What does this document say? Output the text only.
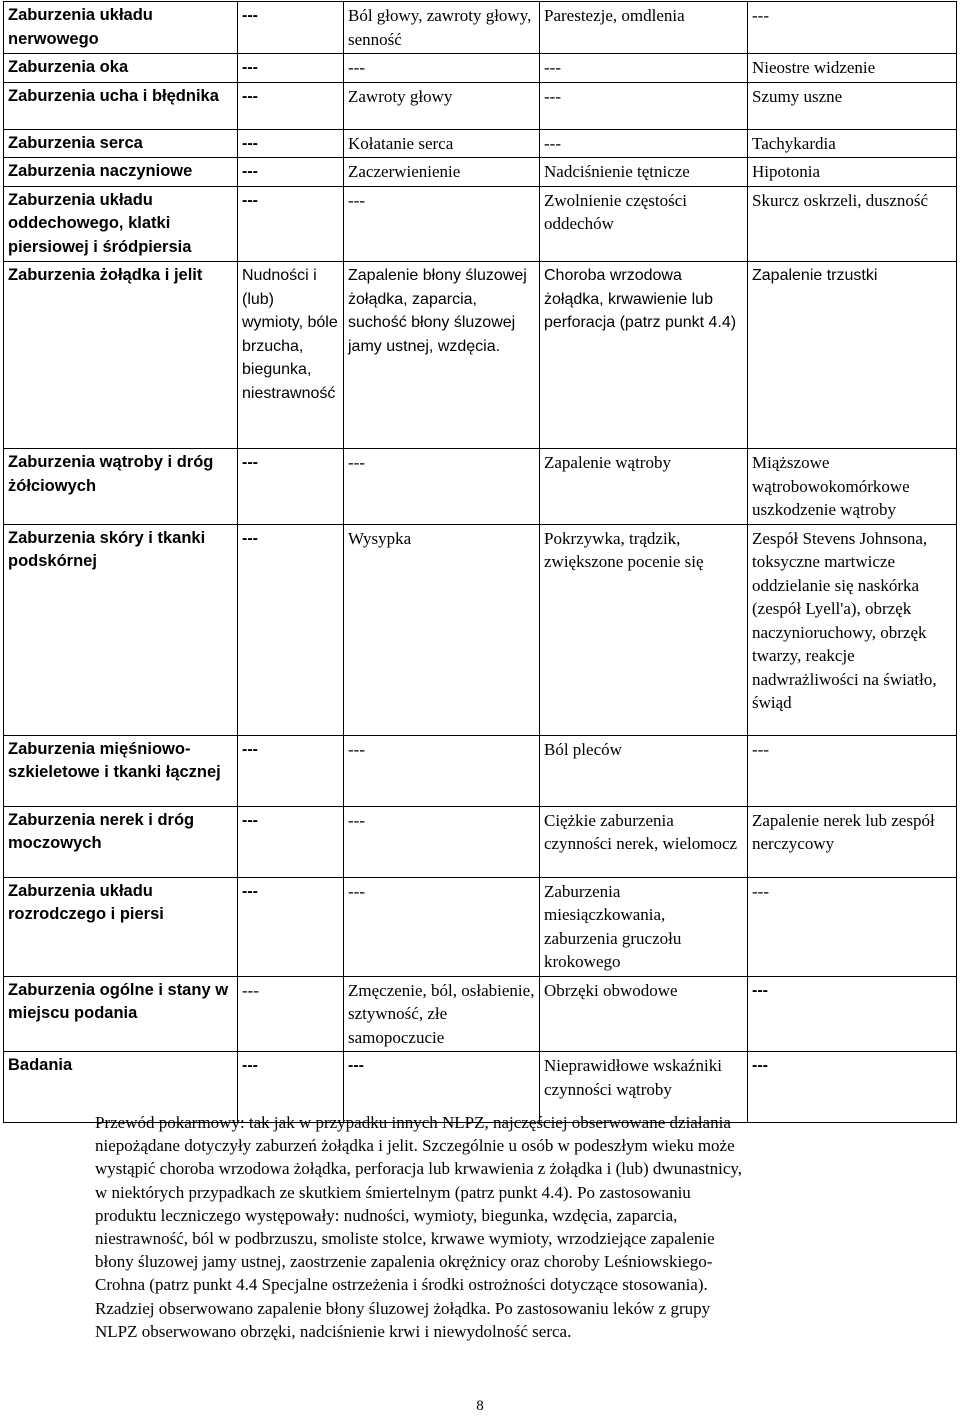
Zaburzenia układu nerwowego	---	Ból głowy, zawroty głowy, senność	Parestezje, omdlenia	---
Zaburzenia oka	---	---	---	Nieostre widzenie
Zaburzenia ucha i błędnika	---	Zawroty głowy	---	Szumy uszne
Zaburzenia serca	---	Kołatanie serca	---	Tachykardia
Zaburzenia naczyniowe	---	Zaczerwienienie	Nadciśnienie tętnicze	Hipotonia
Zaburzenia układu oddechowego, klatki piersiowej i śródpiersia	---	---	Zwolnienie częstości oddechów	Skurcz oskrzeli, duszność
Zaburzenia żołądka i jelit	Nudności i (lub) wymioty, bóle brzucha, biegunka, niestrawność	Zapalenie błony śluzowej żołądka, zaparcia, suchość błony śluzowej jamy ustnej, wzdęcia.	Choroba wrzodowa żołądka, krwawienie lub perforacja (patrz punkt 4.4)	Zapalenie trzustki
Zaburzenia wątroby i dróg żółciowych	---	---	Zapalenie wątroby	Miąższowe wątrobowokomórkowe uszkodzenie wątroby
Zaburzenia skóry i tkanki podskórnej	---	Wysypka	Pokrzywka, trądzik, zwiększone pocenie się	Zespół Stevens Johnsona, toksyczne martwicze oddzielanie się naskórka (zespół Lyell'a), obrzęk naczynioruchowy, obrzęk twarzy, reakcje nadwrażliwości na światło, świąd
Zaburzenia mięśniowo-szkieletowe i tkanki łącznej	---	---	Ból pleców	---
Zaburzenia nerek i dróg moczowych	---	---	Ciężkie zaburzenia czynności nerek, wielomocz	Zapalenie nerek lub zespół nerczycowy
Zaburzenia układu rozrodczego i piersi	---	---	Zaburzenia miesiączkowania, zaburzenia gruczołu krokowego	---
Zaburzenia ogólne i stany w miejscu podania	---	Zmęczenie, ból, osłabienie, sztywność, złe samopoczucie	Obrzęki obwodowe	---
Badania	---	---	Nieprawidłowe wskaźniki czynności wątroby	---
Przewód pokarmowy: tak jak w przypadku innych NLPZ, najczęściej obserwowane działania
niepożądane dotyczyły zaburzeń żołądka i jelit. Szczególnie u osób w podeszłym wieku może
wystąpić choroba wrzodowa żołądka, perforacja lub krwawienia z żołądka i (lub) dwunastnicy,
w niektórych przypadkach ze skutkiem śmiertelnym (patrz punkt 4.4). Po zastosowaniu
produktu leczniczego występowały: nudności, wymioty, biegunka, wzdęcia, zaparcia,
niestrawność, ból w podbrzuszu, smoliste stolce, krwawe wymioty, wrzodziejące zapalenie
błony śluzowej jamy ustnej, zaostrzenie zapalenia okrężnicy oraz choroby Leśniowskiego-
Crohna (patrz punkt 4.4 Specjalne ostrzeżenia i środki ostrożności dotyczące stosowania).
Rzadziej obserwowano zapalenie błony śluzowej żołądka. Po zastosowaniu leków z grupy
NLPZ obserwowano obrzęki, nadciśnienie krwi i niewydolność serca.
8
